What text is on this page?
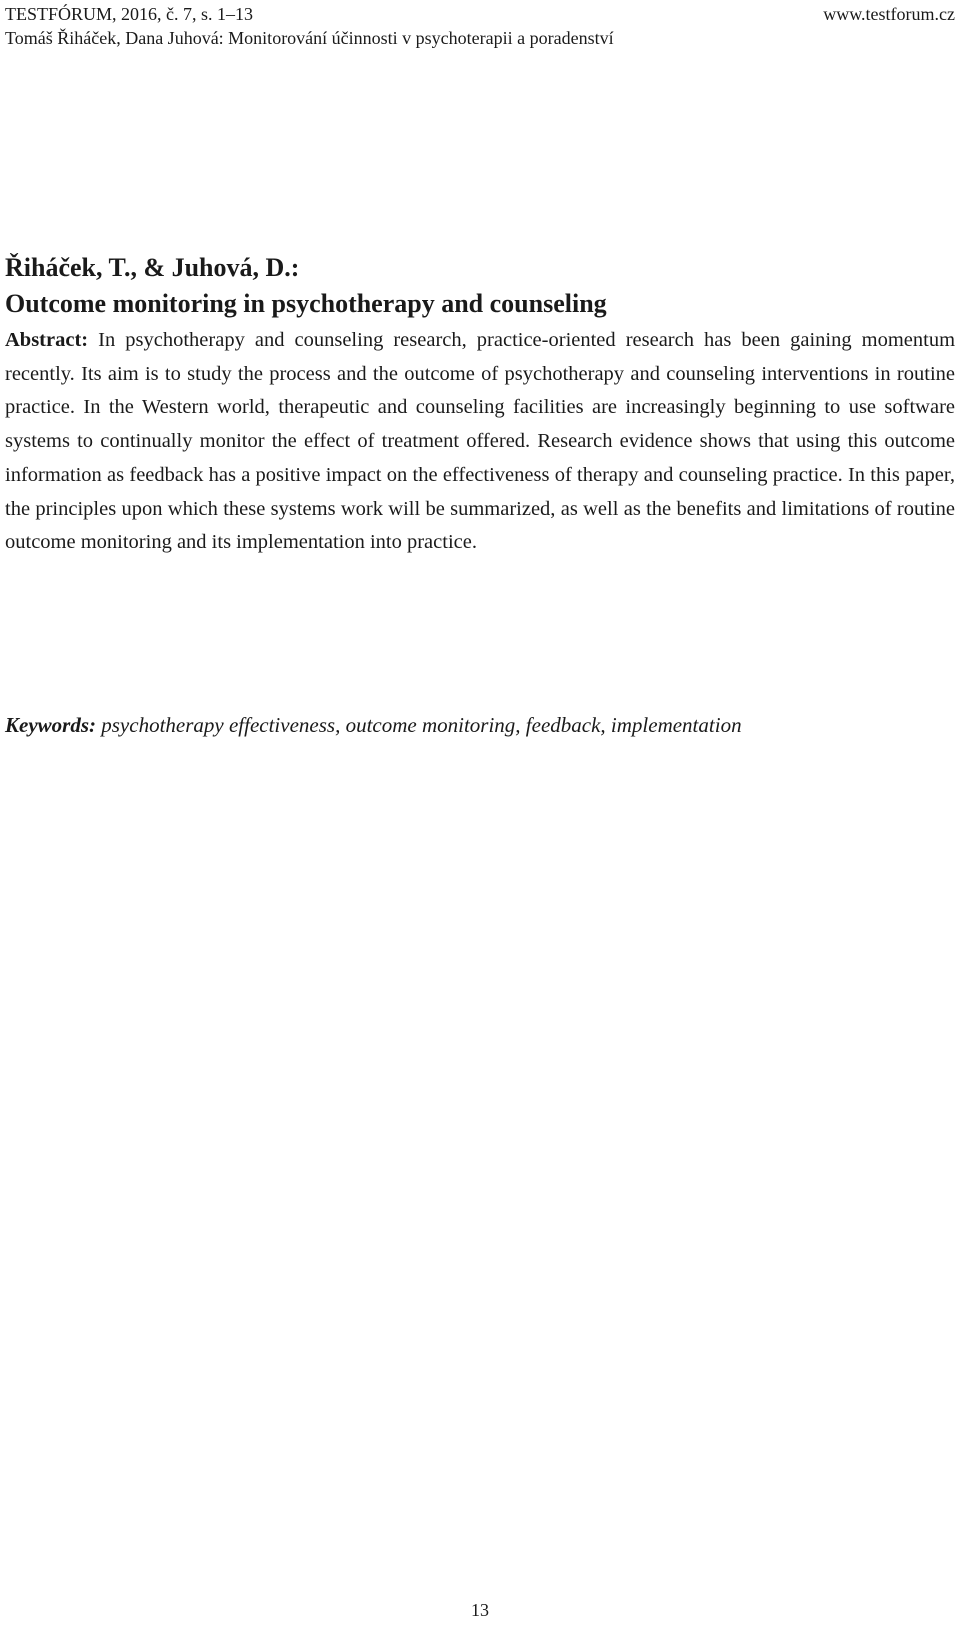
TESTFÓRUM, 2016, č. 7, s. 1–13	www.testforum.cz
Tomáš Řiháček, Dana Juhová: Monitorování účinnosti v psychoterapii a poradenství
Řiháček, T., & Juhová, D.:
Outcome monitoring in psychotherapy and counseling

Abstract: In psychotherapy and counseling research, practice-oriented research has been gaining momentum recently. Its aim is to study the process and the outcome of psychotherapy and counseling interventions in routine practice. In the Western world, therapeutic and counseling facilities are increasingly beginning to use software systems to continually monitor the effect of treatment offered. Research evidence shows that using this outcome information as feedback has a positive impact on the effectiveness of therapy and counseling practice. In this paper, the principles upon which these systems work will be summarized, as well as the benefits and limitations of routine outcome monitoring and its implementation into practice.

Keywords: psychotherapy effectiveness, outcome monitoring, feedback, implementation
13
